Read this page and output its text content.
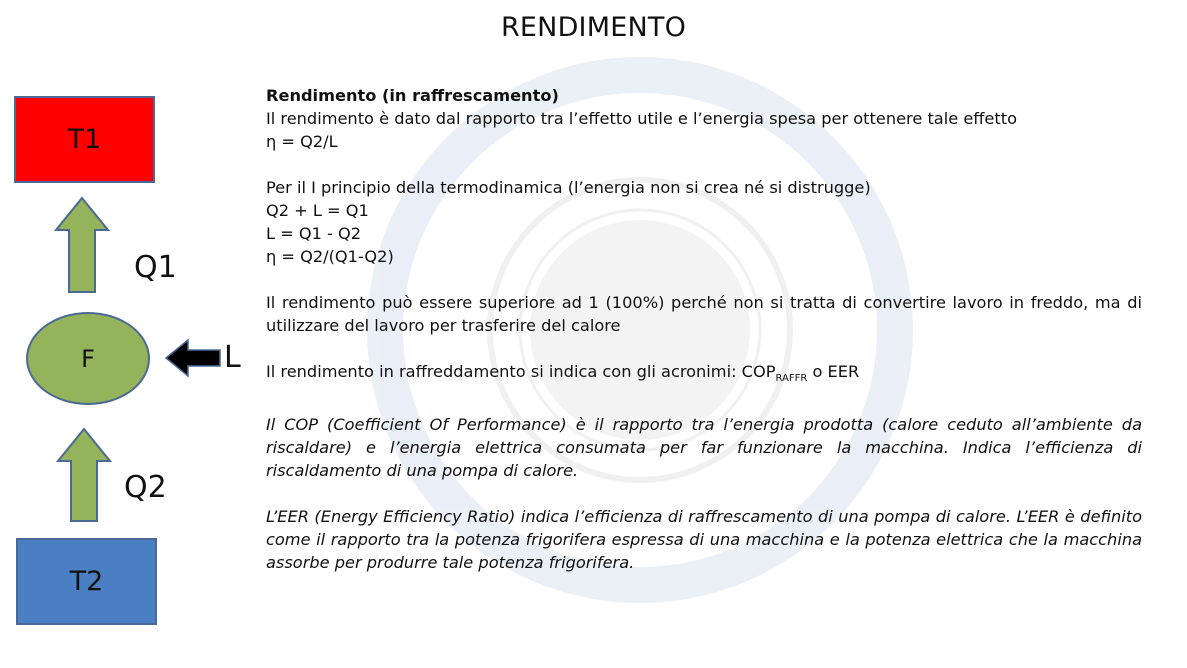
RENDIMENTO
T1
Q1
F	L
Q2
T2

Rendimento (in raffrescamento)

Il rendimento è dato dal rapporto tra l’effetto utile e l’energia spesa per ottenere tale effetto

η = Q2/L

Per il I principio della termodinamica (l’energia non si crea né si distrugge)

Q2 + L = Q1

L = Q1 - Q2

η = Q2/(Q1-Q2)

Il rendimento può essere superiore ad 1 (100%) perché non si tratta di convertire lavoro in freddo, ma di utilizzare del lavoro per trasferire del calore

Il rendimento in raffreddamento si indica con gli acronimi: $COP_{RAFFR}$ o EER

Il COP (Coefficient Of Performance) è il rapporto tra l’energia prodotta (calore ceduto all’ambiente da riscaldare) e l’energia elettrica consumata per far funzionare la macchina. Indica l’efficienza di riscaldamento di una pompa di calore.

L’EER (Energy Efficiency Ratio) indica l’efficienza di raffrescamento di una pompa di calore. L’EER è definito come il rapporto tra la potenza frigorifera espressa di una macchina e la potenza elettrica che la macchina assorbe per produrre tale potenza frigorifera.
